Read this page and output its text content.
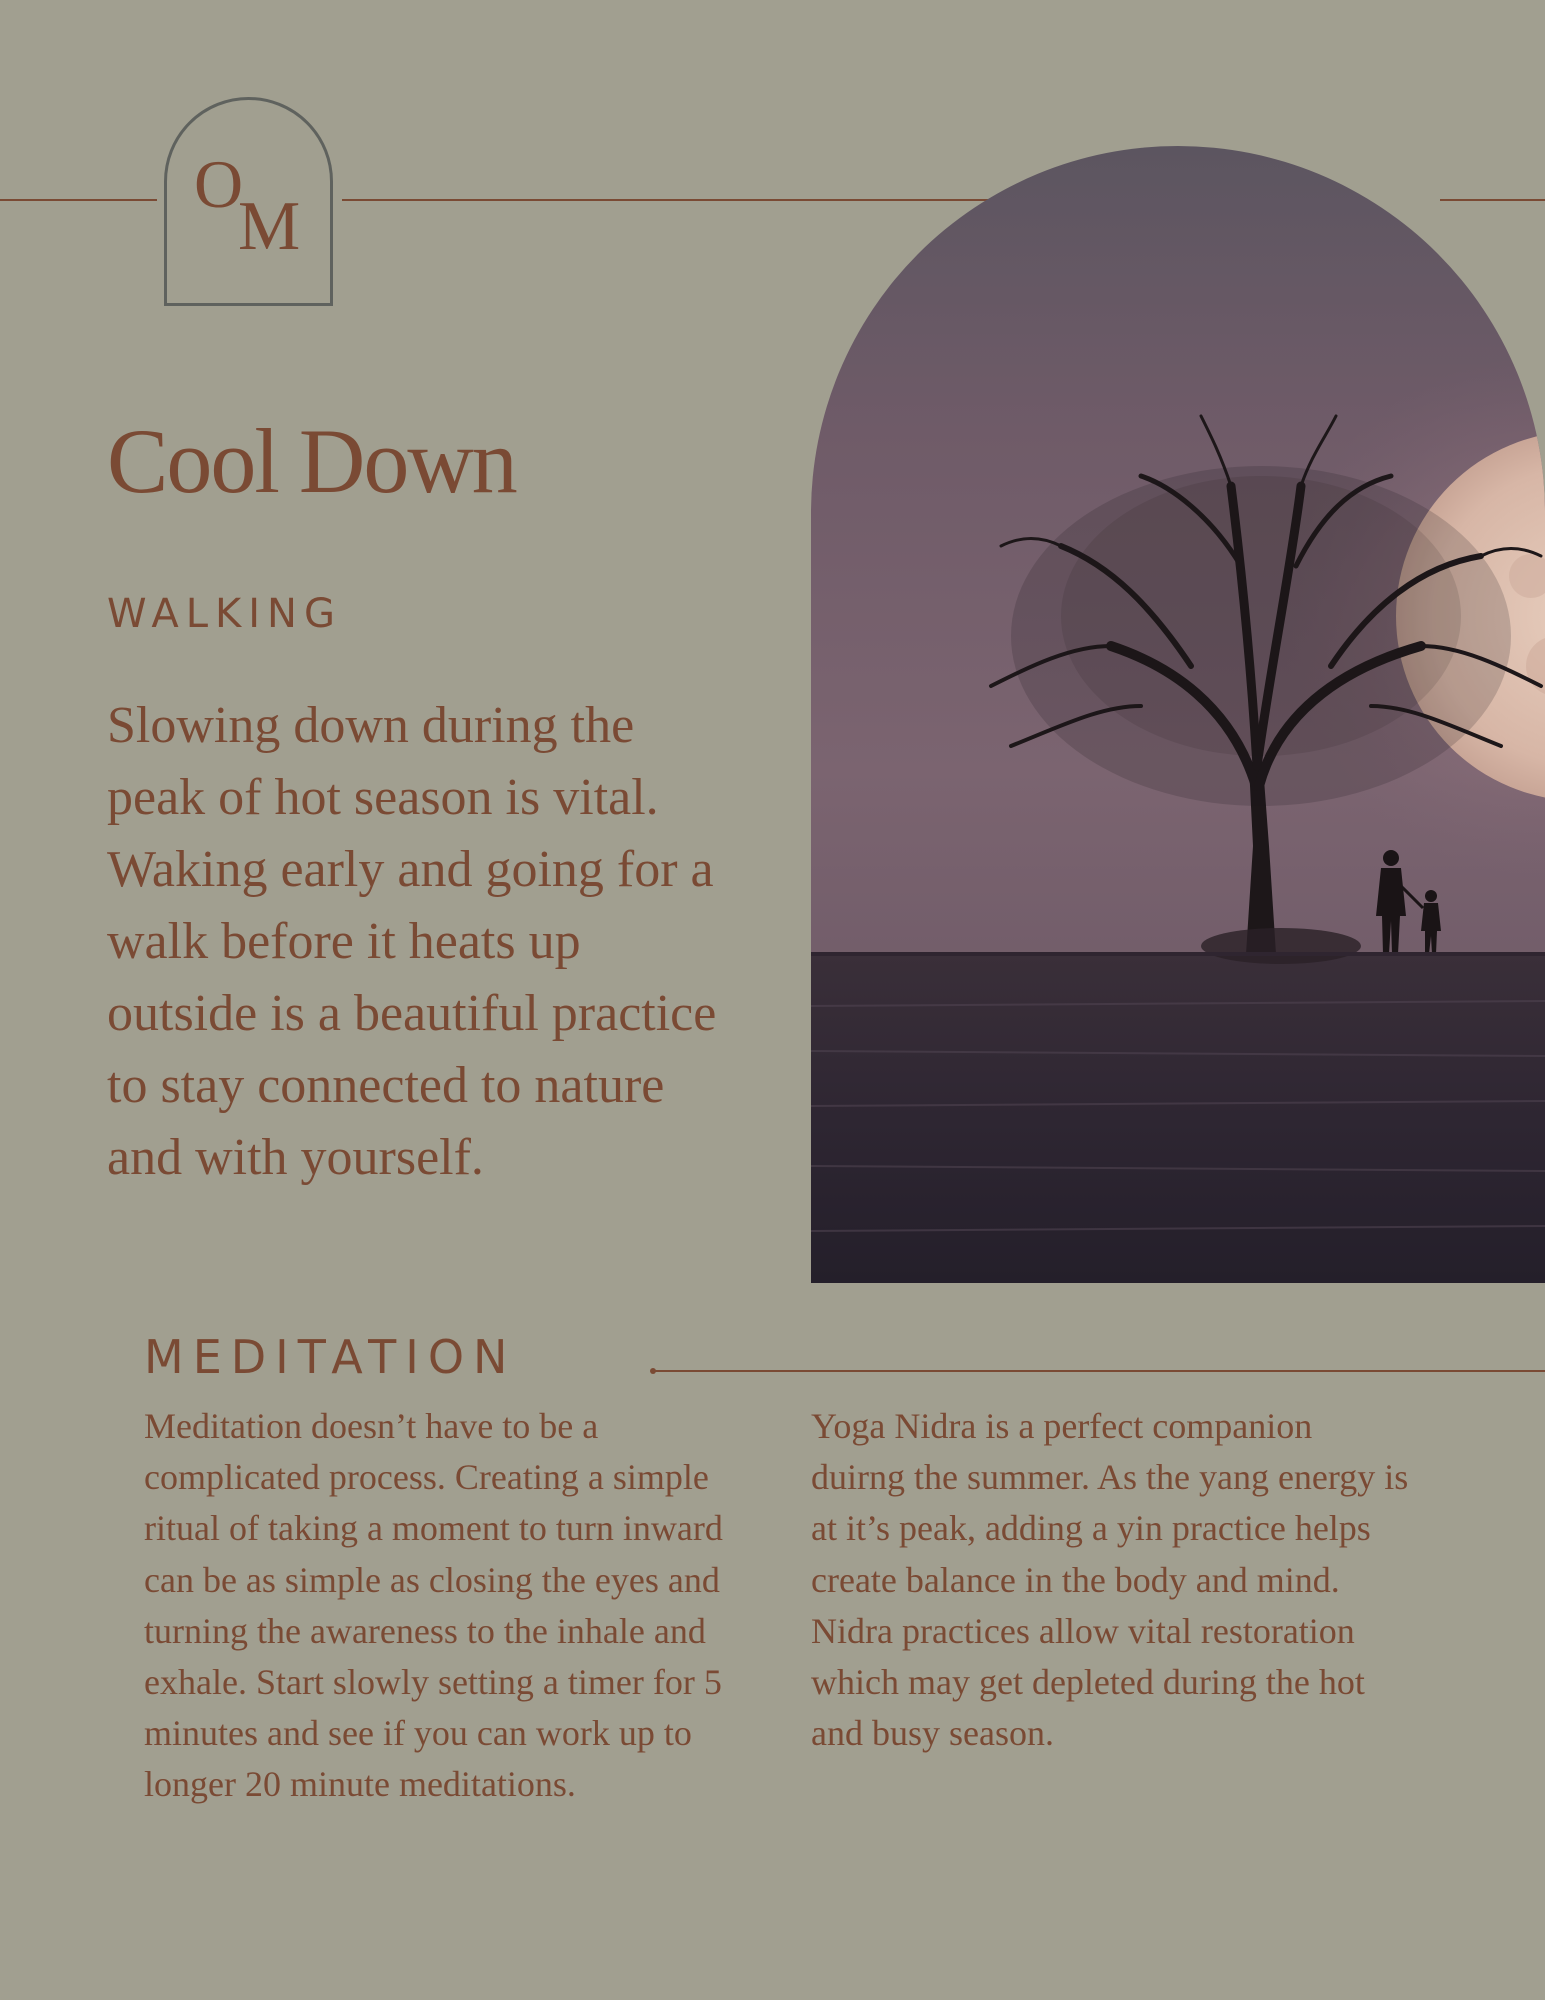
O
M
Cool Down
WALKING
Slowing down during the peak of hot season is vital. Waking early and going for a walk before it heats up outside is a beautiful practice to stay connected to nature and with yourself.
MEDITATION
Meditation doesn’t have to be a complicated process. Creating a simple ritual of taking a moment to turn inward can be as simple as closing the eyes and turning the awareness to the inhale and exhale. Start slowly setting a timer for 5 minutes and see if you can work up to longer 20 minute meditations.
Yoga Nidra is a perfect companion duirng the summer. As the yang energy is at it’s peak, adding a yin practice helps create balance in the body and mind. Nidra practices allow vital restoration which may get depleted during the hot and busy season.
